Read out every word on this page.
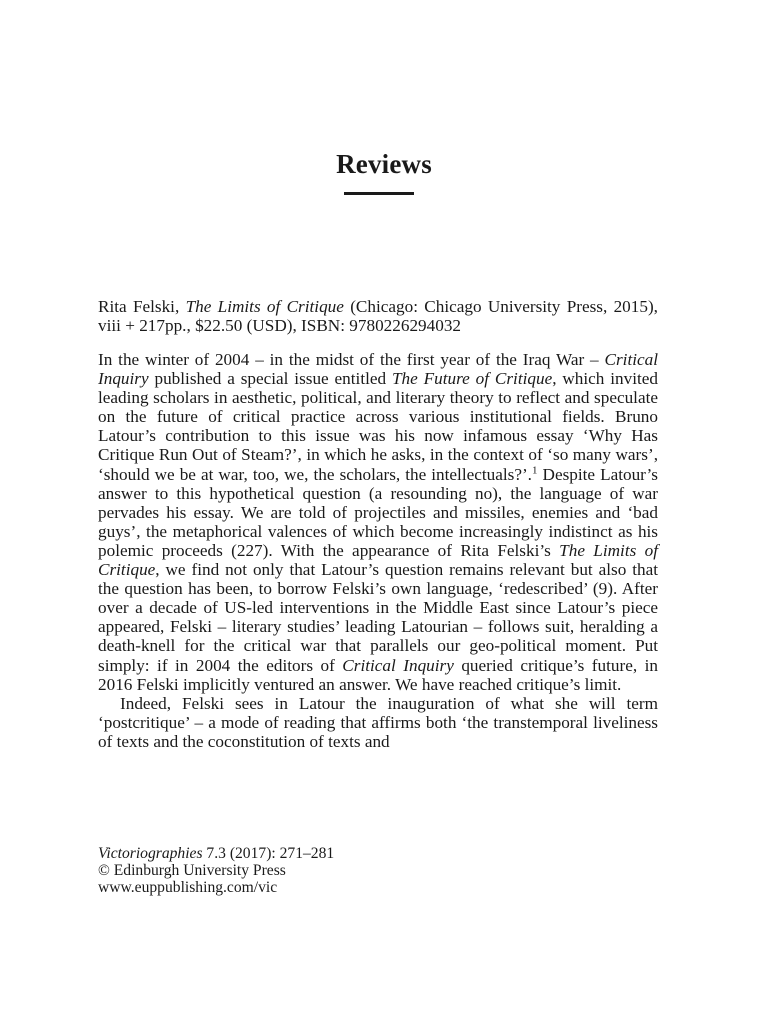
Reviews

Rita Felski, The Limits of Critique (Chicago: Chicago University Press, 2015), viii + 217pp., $22.50 (USD), ISBN: 9780226294032

In the winter of 2004 – in the midst of the first year of the Iraq War – Critical Inquiry published a special issue entitled The Future of Critique, which invited leading scholars in aesthetic, political, and literary theory to reflect and speculate on the future of critical practice across various institutional fields. Bruno Latour’s contribution to this issue was his now infamous essay ‘Why Has Critique Run Out of Steam?’, in which he asks, in the context of ‘so many wars’, ‘should we be at war, too, we, the scholars, the intellectuals?’.$^1$ Despite Latour’s answer to this hypothetical question (a resounding no), the language of war pervades his essay. We are told of projectiles and missiles, enemies and ‘bad guys’, the metaphorical valences of which become increasingly indistinct as his polemic proceeds (227). With the appearance of Rita Felski’s The Limits of Critique, we find not only that Latour’s question remains relevant but also that the question has been, to borrow Felski’s own language, ‘redescribed’ (9). After over a decade of US-led interventions in the Middle East since Latour’s piece appeared, Felski – literary studies’ leading Latourian – follows suit, heralding a death-knell for the critical war that parallels our geo-political moment. Put simply: if in 2004 the editors of Critical Inquiry queried critique’s future, in 2016 Felski implicitly ventured an answer. We have reached critique’s limit.

Indeed, Felski sees in Latour the inauguration of what she will term ‘postcritique’ – a mode of reading that affirms both ‘the transtemporal liveliness of texts and the coconstitution of texts and

Victoriographies 7.3 (2017): 271–281
© Edinburgh University Press
www.euppublishing.com/vic
